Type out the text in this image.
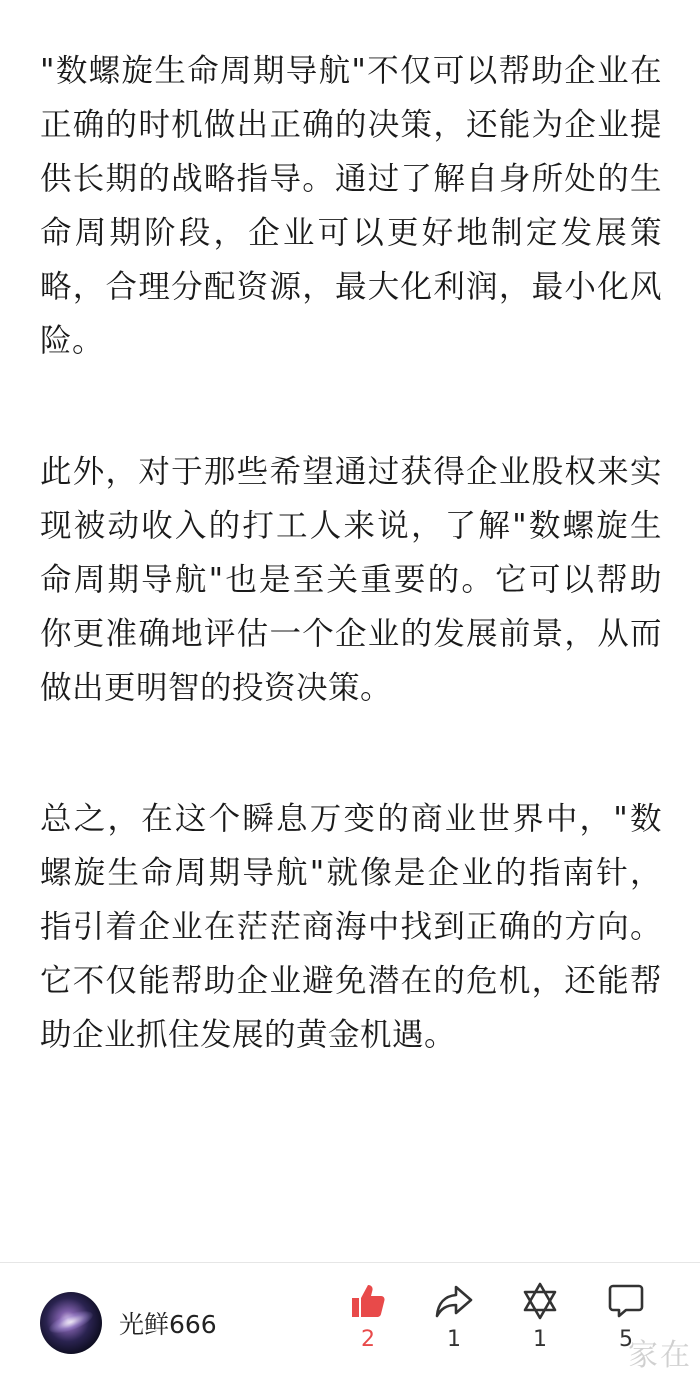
"数螺旋生命周期导航"不仅可以帮助企业在正确的时机做出正确的决策，还能为企业提供长期的战略指导。通过了解自身所处的生命周期阶段，企业可以更好地制定发展策略，合理分配资源，最大化利润，最小化风险。

此外，对于那些希望通过获得企业股权来实现被动收入的打工人来说，了解"数螺旋生命周期导航"也是至关重要的。它可以帮助你更准确地评估一个企业的发展前景，从而做出更明智的投资决策。

总之，在这个瞬息万变的商业世界中，"数螺旋生命周期导航"就像是企业的指南针，指引着企业在茫茫商海中找到正确的方向。它不仅能帮助企业避免潜在的危机，还能帮助企业抓住发展的黄金机遇。

光鲜666
2	1	1	5
家在
